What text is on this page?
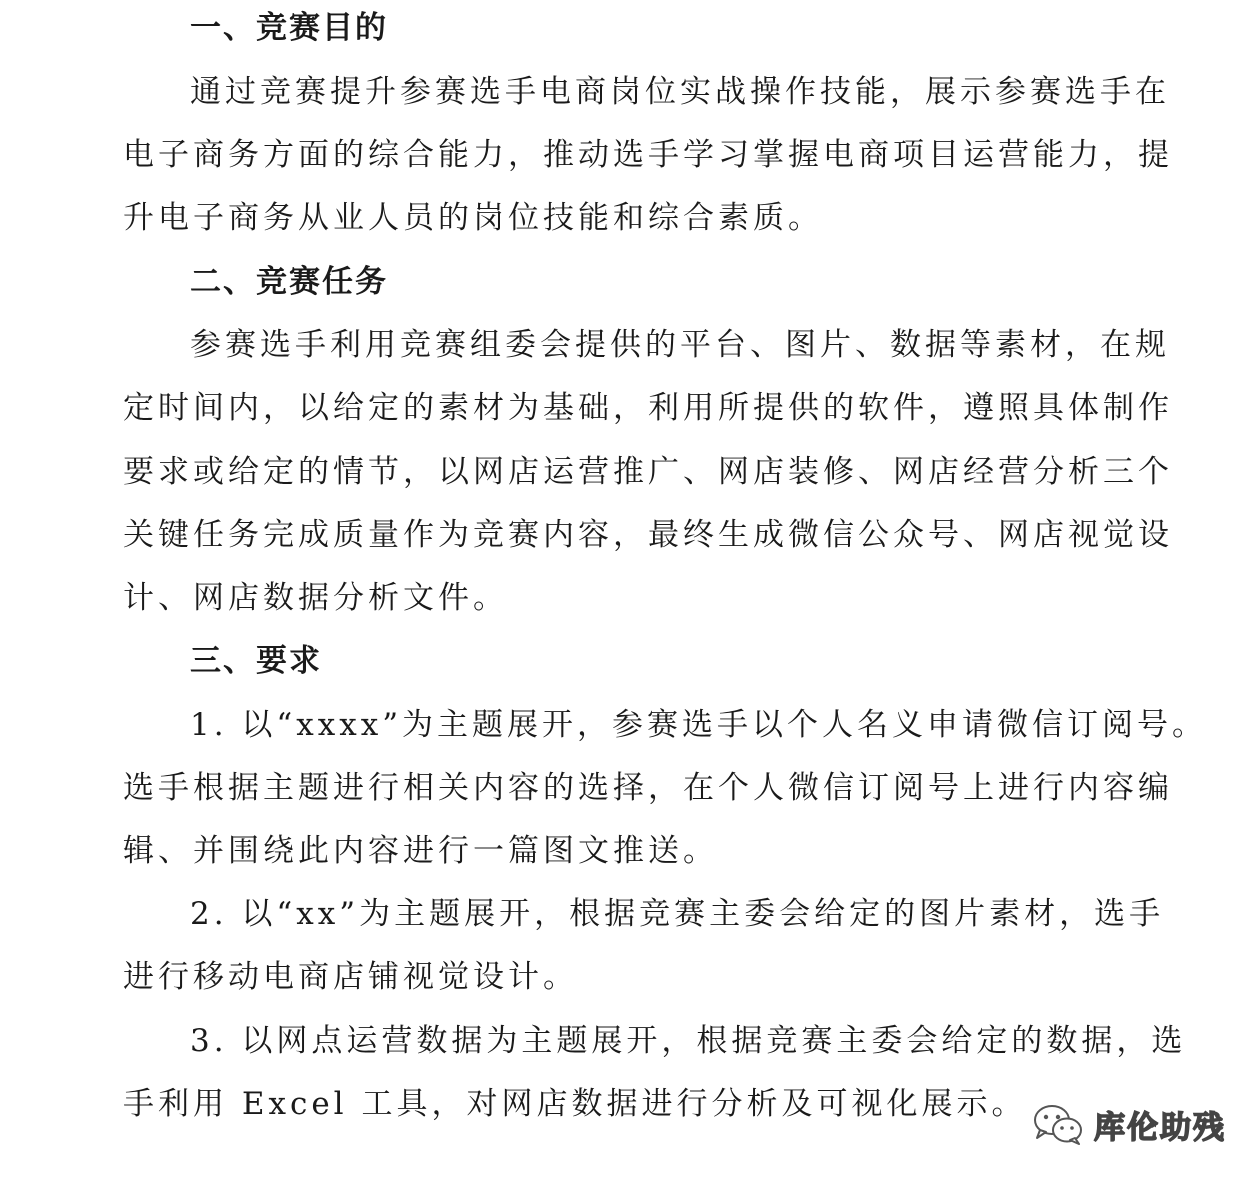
一、竞赛目的
通过竞赛提升参赛选手电商岗位实战操作技能，展示参赛选手在
电子商务方面的综合能力，推动选手学习掌握电商项目运营能力，提
升电子商务从业人员的岗位技能和综合素质。
二、竞赛任务
参赛选手利用竞赛组委会提供的平台、图片、数据等素材，在规
定时间内，以给定的素材为基础，利用所提供的软件，遵照具体制作
要求或给定的情节，以网店运营推广、网店装修、网店经营分析三个
关键任务完成质量作为竞赛内容，最终生成微信公众号、网店视觉设
计、网店数据分析文件。
三、要求
1. 以“xxxx”为主题展开，参赛选手以个人名义申请微信订阅号。
选手根据主题进行相关内容的选择，在个人微信订阅号上进行内容编
辑、并围绕此内容进行一篇图文推送。
2. 以“xx”为主题展开，根据竞赛主委会给定的图片素材，选手
进行移动电商店铺视觉设计。
3. 以网点运营数据为主题展开，根据竞赛主委会给定的数据，选
手利用 Excel 工具，对网店数据进行分析及可视化展示。
库伦助残
